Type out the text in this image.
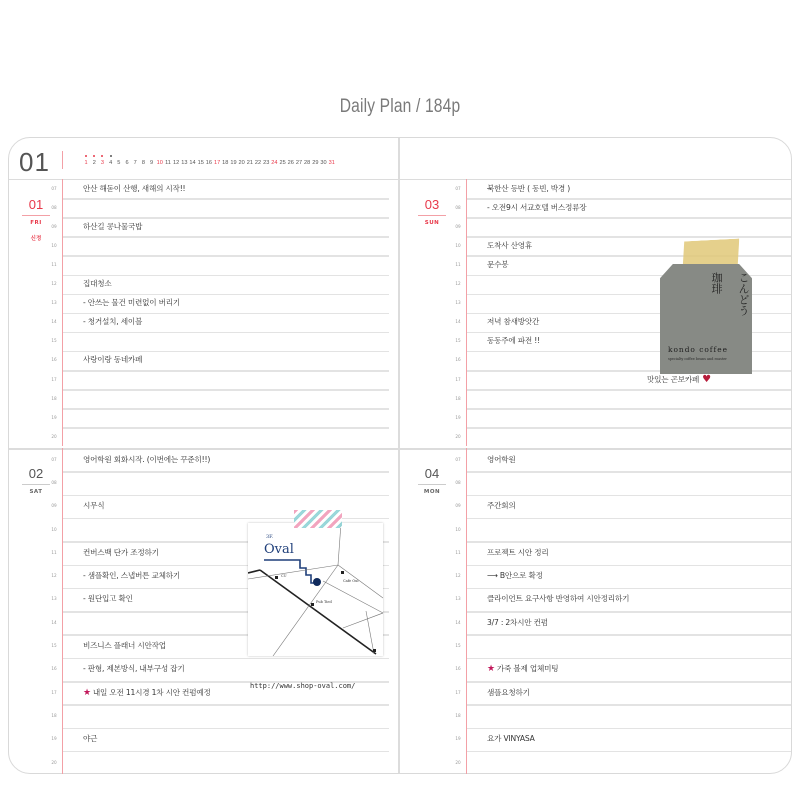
Daily Plan / 184p
01	1 2 3 4 5 6 7 8 9 10 11 12 13 14 15 16 17 18 19 20 21 22 23 24 25 26 27 28 29 30 31
01
FRI
신정
07
08
09
10
11
12
13
14
15
16
17
18
19
20
안산 해돋이 산행, 새해의 시작!!
하산길 콩나물국밥
집대청소
- 안쓰는 물건 미련없이 버리기
- 청거설치, 세이블
사랑이랑 동네카페
03
SUN
07
08
09
10
11
12
13
14
15
16
17
18
19
20
북한산 등반 ( 동빈, 박경 )
- 오전9시 서교호텔 버스정류장
도착사 산영휴
문수봉
저녁 참새방앗간
동동주에 파전 !!
맛있는 곤보카페 ♥
02
SAT
07
08
09
10
11
12
13
14
15
16
17
18
19
20
영어학원 회화시작. (이번에는 꾸준히!!)
시무식
컨버스백 단가 조정하기
- 샘플확인, 스냅버튼 교체하기
- 원단입고 확인
비즈니스 플래너 시안작업
- 판형, 제본방식, 내부구성 잡기
★ 내일 오전 11시경 1차 시안 컨펌예정
야근
04
MON
07
08
09
10
11
12
13
14
15
16
17
18
19
20
영어학원
주간회의
프로젝트 시안 정리
⟶ B안으로 확정
클라이언트 요구사항 반영하여 시안정리하기
3/7 : 2차시안 컨펌
★ 가죽 볼제 업체미팅
샘플요청하기
요가 VINYASA
こんどう
珈琲
kondo coffee
specialty coffee beans and roaster
3F.
Oval
CU
Cafe Oui
Pub Tied
http://www.shop-oval.com/
